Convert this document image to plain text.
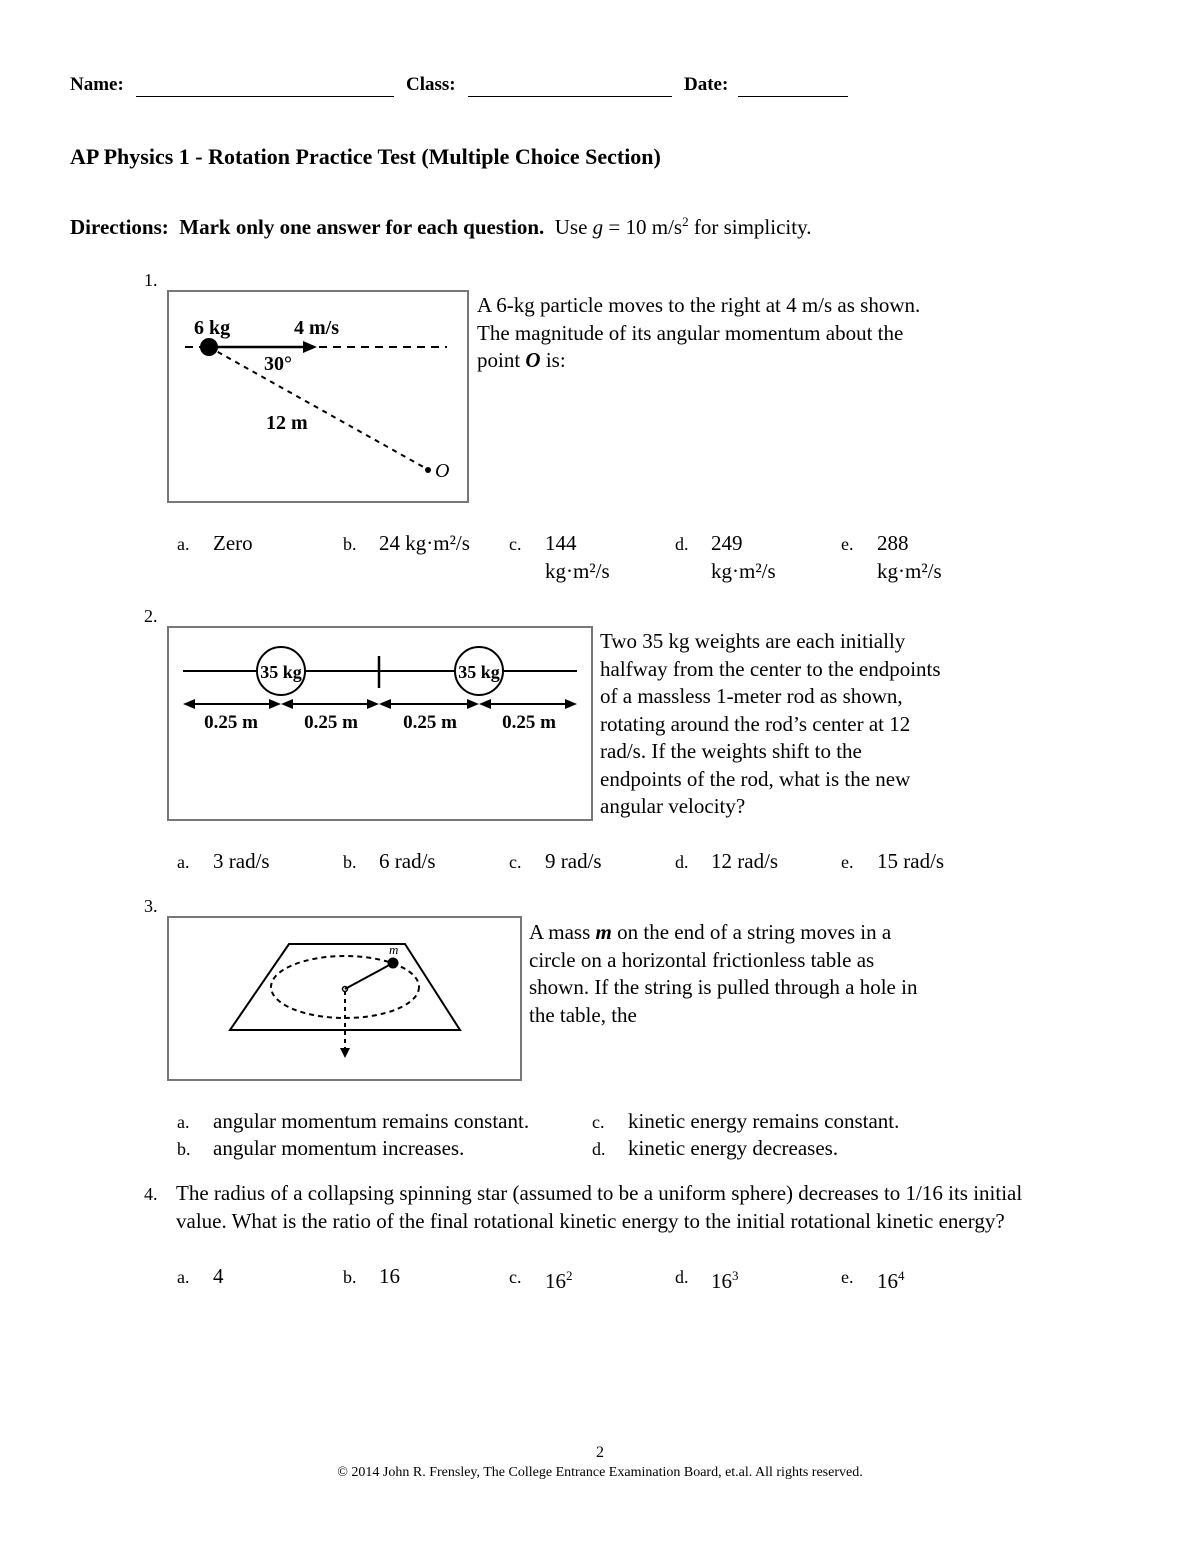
Name:	Class:	Date:
AP Physics 1 - Rotation Practice Test (Multiple Choice Section)
Directions: Mark only one answer for each question. Use g = 10 $m/s^2$ for simplicity.
1.
6 kg	4 m/s
30°
12 m
O
A 6-kg particle moves to the right at 4 m/s as shown.
The magnitude of its angular momentum about the
point O is:
a. Zero	b. 24 kg·m²/s c. 144
kg·m²/s
d. 249
kg·m²/s
e. 288
kg·m²/s
2.
35 kg	35 kg
0.25 m 0.25 m 0.25 m 0.25 m
Two 35 kg weights are each initially
halfway from the center to the endpoints
of a massless 1-meter rod as shown,
rotating around the rod’s center at 12
rad/s. If the weights shift to the
endpoints of the rod, what is the new
angular velocity?
a. 3 rad/s	b. 6 rad/s	c. 9 rad/s	d. 12 rad/s	e. 15 rad/s
3.
m
A mass m on the end of a string moves in a
circle on a horizontal frictionless table as
shown. If the string is pulled through a hole in
the table, the
a. angular momentum remains constant.
b. angular momentum increases.
c. kinetic energy remains constant.
d. kinetic energy decreases.
4. The radius of a collapsing spinning star (assumed to be a uniform sphere) decreases to 1/16 its initial
value. What is the ratio of the final rotational kinetic energy to the initial rotational kinetic energy?
a. 4	b. 16	c. $16^2$	d. $16^3$	e. $16^4$
2
© 2014 John R. Frensley, The College Entrance Examination Board, et.al. All rights reserved.
